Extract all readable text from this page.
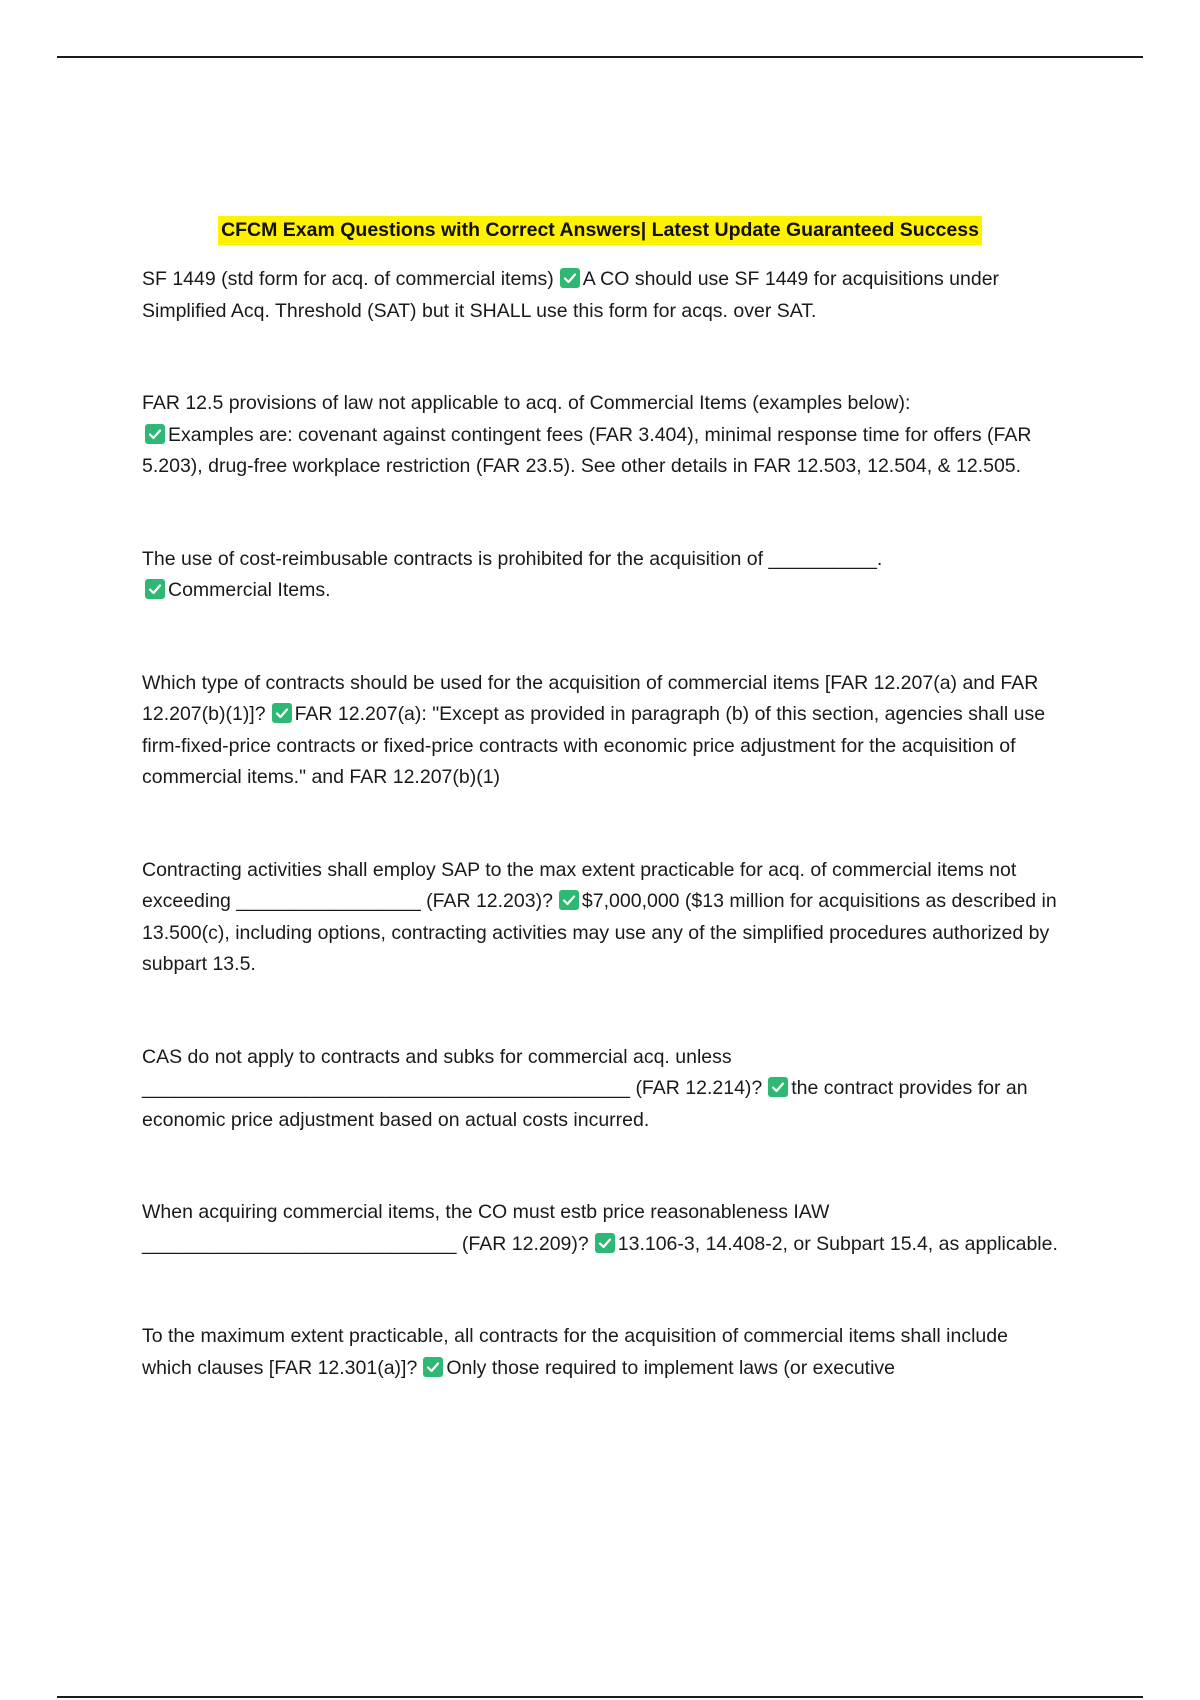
CFCM Exam Questions with Correct Answers| Latest Update Guaranteed Success

SF 1449 (std form for acq. of commercial items) A CO should use SF 1449 for acquisitions under Simplified Acq. Threshold (SAT) but it SHALL use this form for acqs. over SAT.

FAR 12.5 provisions of law not applicable to acq. of Commercial Items (examples below):

Examples are: covenant against contingent fees (FAR 3.404), minimal response time for offers (FAR 5.203), drug-free workplace restriction (FAR 23.5). See other details in FAR 12.503, 12.504, & 12.505.

The use of cost-reimbusable contracts is prohibited for the acquisition of __________.

Commercial Items.

Which type of contracts should be used for the acquisition of commercial items [FAR 12.207(a) and FAR 12.207(b)(1)]? FAR 12.207(a): "Except as provided in paragraph (b) of this section, agencies shall use firm-fixed-price contracts or fixed-price contracts with economic price adjustment for the acquisition of commercial items." and FAR 12.207(b)(1)

Contracting activities shall employ SAP to the max extent practicable for acq. of commercial items not exceeding _________________ (FAR 12.203)? $7,000,000 ($13 million for acquisitions as described in 13.500(c), including options, contracting activities may use any of the simplified procedures authorized by subpart 13.5.

CAS do not apply to contracts and subks for commercial acq. unless _____________________________________________ (FAR 12.214)? the contract provides for an economic price adjustment based on actual costs incurred.

When acquiring commercial items, the CO must estb price reasonableness IAW _____________________________ (FAR 12.209)? 13.106-3, 14.408-2, or Subpart 15.4, as applicable.

To the maximum extent practicable, all contracts for the acquisition of commercial items shall include which clauses [FAR 12.301(a)]? Only those required to implement laws (or executive
